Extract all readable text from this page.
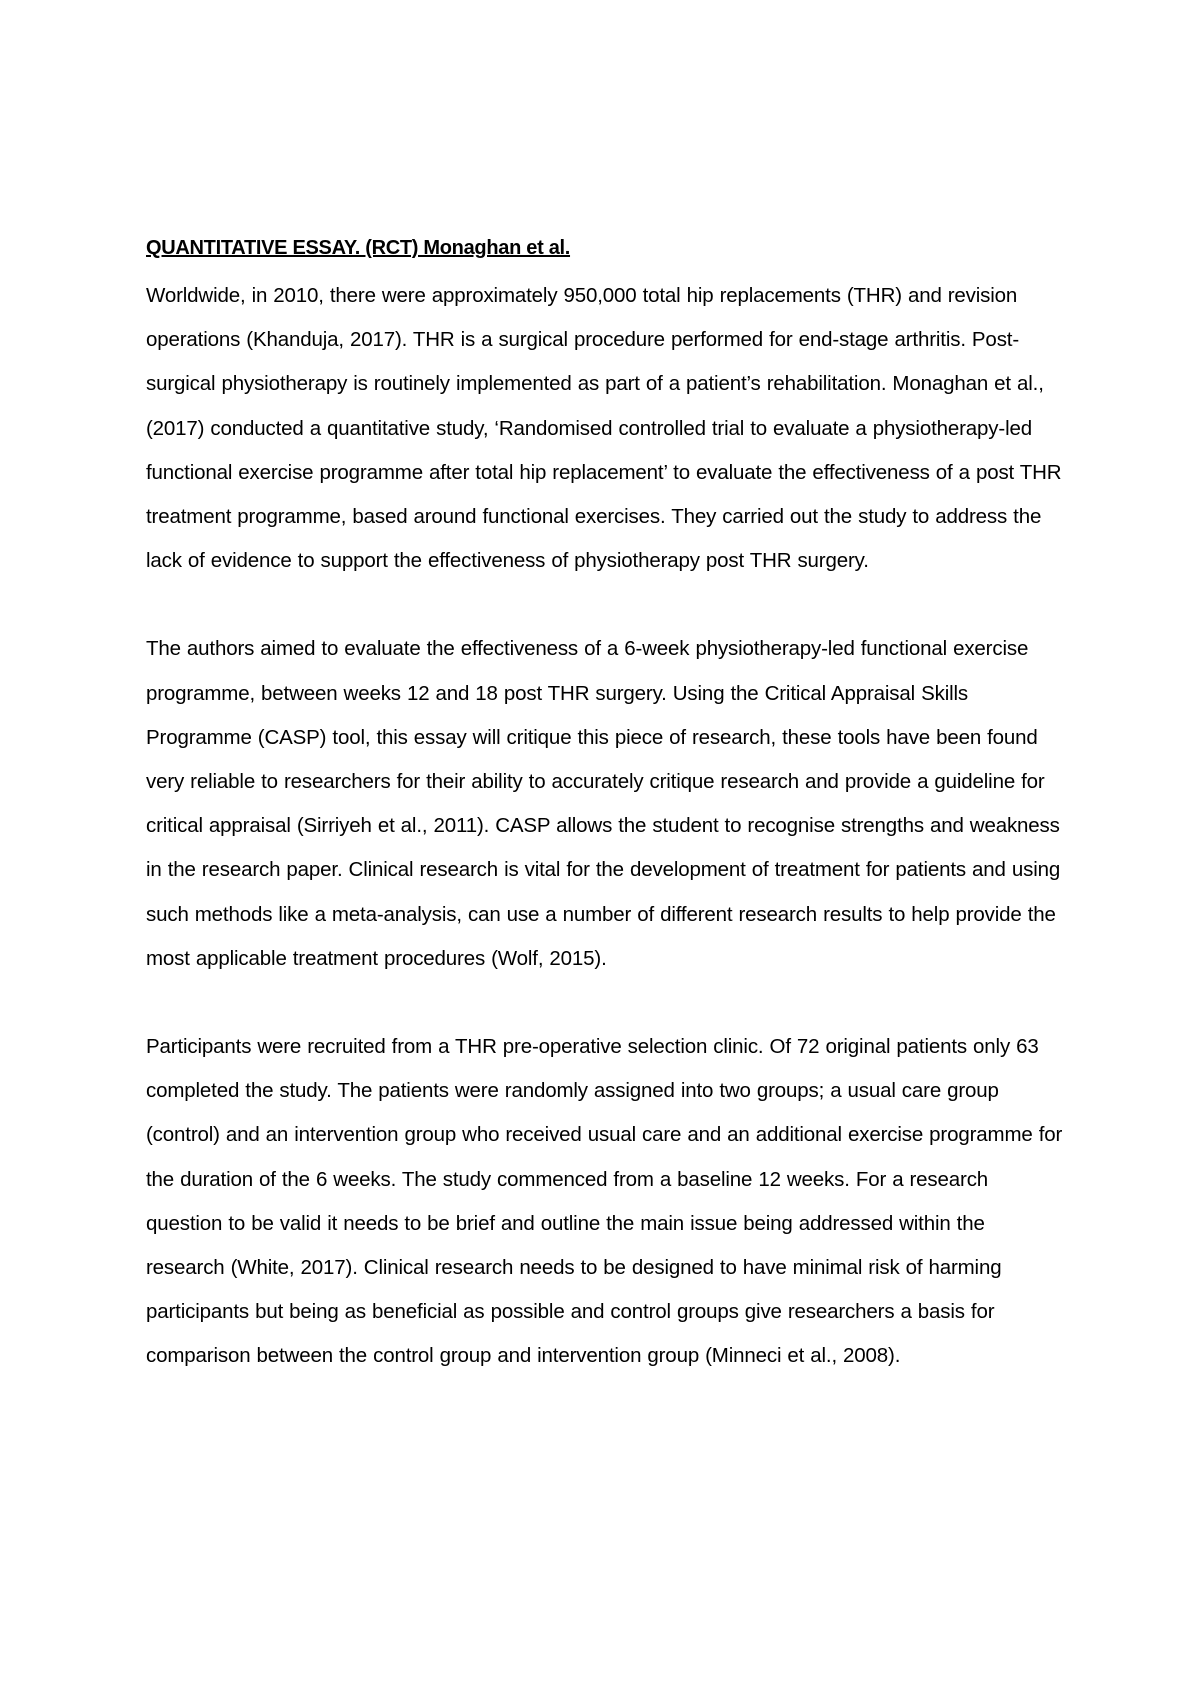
QUANTITATIVE ESSAY. (RCT) Monaghan et al.

Worldwide, in 2010, there were approximately 950,000 total hip replacements (THR) and revision operations (Khanduja, 2017). THR is a surgical procedure performed for end-stage arthritis. Post-surgical physiotherapy is routinely implemented as part of a patient’s rehabilitation. Monaghan et al., (2017) conducted a quantitative study, ‘Randomised controlled trial to evaluate a physiotherapy-led functional exercise programme after total hip replacement’ to evaluate the effectiveness of a post THR treatment programme, based around functional exercises. They carried out the study to address the lack of evidence to support the effectiveness of physiotherapy post THR surgery.

The authors aimed to evaluate the effectiveness of a 6-week physiotherapy-led functional exercise programme, between weeks 12 and 18 post THR surgery. Using the Critical Appraisal Skills Programme (CASP) tool, this essay will critique this piece of research, these tools have been found very reliable to researchers for their ability to accurately critique research and provide a guideline for critical appraisal (Sirriyeh et al., 2011). CASP allows the student to recognise strengths and weakness in the research paper. Clinical research is vital for the development of treatment for patients and using such methods like a meta-analysis, can use a number of different research results to help provide the most applicable treatment procedures (Wolf, 2015).

Participants were recruited from a THR pre-operative selection clinic. Of 72 original patients only 63 completed the study. The patients were randomly assigned into two groups; a usual care group (control) and an intervention group who received usual care and an additional exercise programme for the duration of the 6 weeks. The study commenced from a baseline 12 weeks. For a research question to be valid it needs to be brief and outline the main issue being addressed within the research (White, 2017). Clinical research needs to be designed to have minimal risk of harming participants but being as beneficial as possible and control groups give researchers a basis for comparison between the control group and intervention group (Minneci et al., 2008).
